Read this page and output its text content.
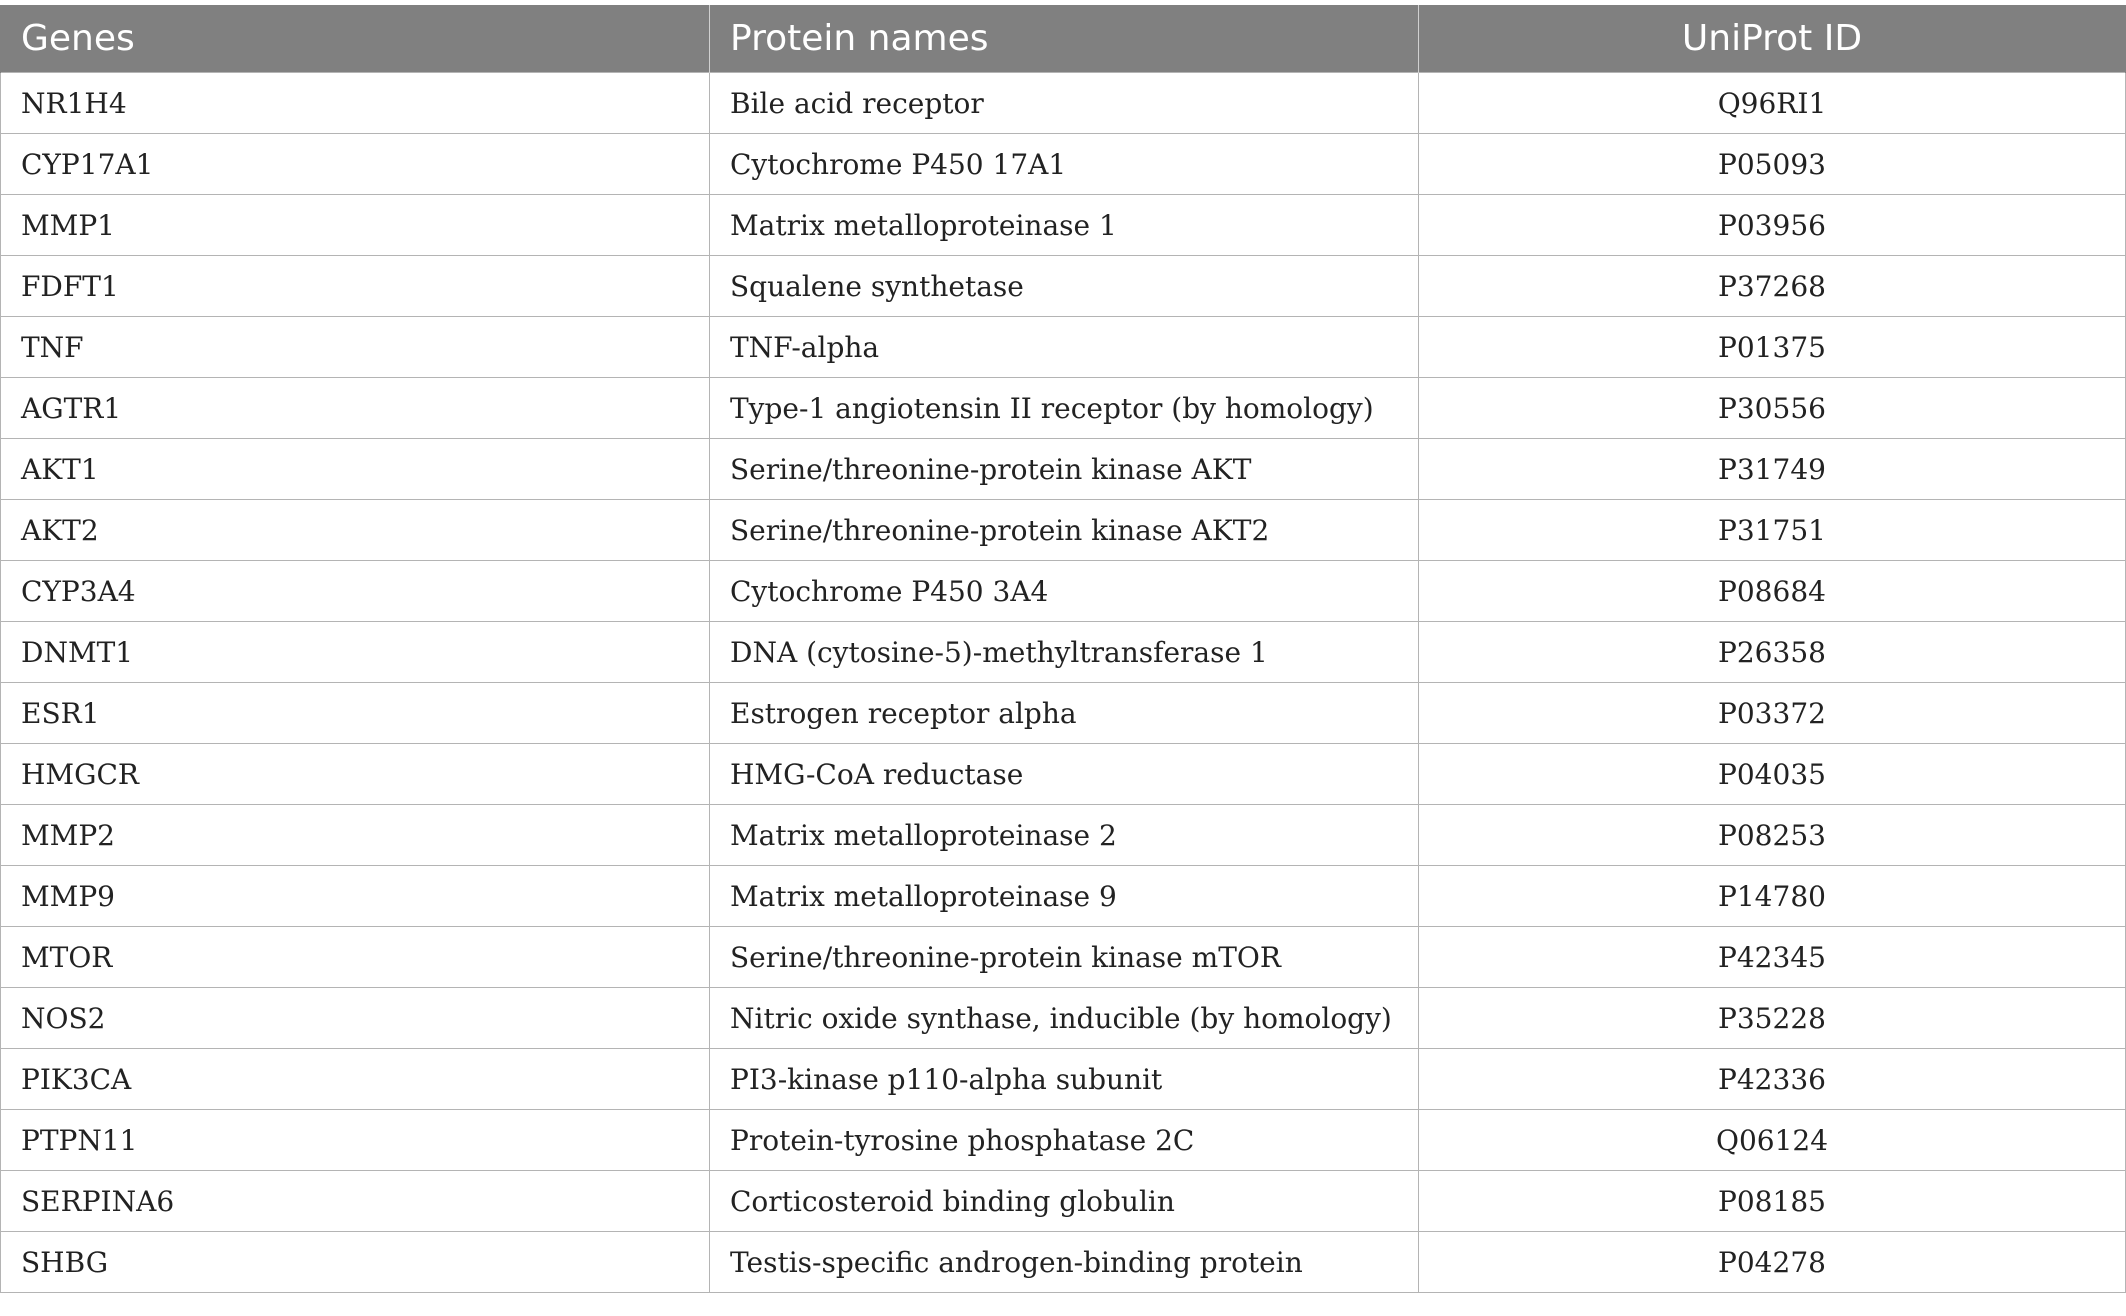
Genes	Protein names	UniProt ID
NR1H4	Bile acid receptor	Q96RI1
CYP17A1	Cytochrome P450 17A1	P05093
MMP1	Matrix metalloproteinase 1	P03956
FDFT1	Squalene synthetase	P37268
TNF	TNF-alpha	P01375
AGTR1	Type-1 angiotensin II receptor (by homology)	P30556
AKT1	Serine/threonine-protein kinase AKT	P31749
AKT2	Serine/threonine-protein kinase AKT2	P31751
CYP3A4	Cytochrome P450 3A4	P08684
DNMT1	DNA (cytosine-5)-methyltransferase 1	P26358
ESR1	Estrogen receptor alpha	P03372
HMGCR	HMG-CoA reductase	P04035
MMP2	Matrix metalloproteinase 2	P08253
MMP9	Matrix metalloproteinase 9	P14780
MTOR	Serine/threonine-protein kinase mTOR	P42345
NOS2	Nitric oxide synthase, inducible (by homology)	P35228
PIK3CA	PI3-kinase p110-alpha subunit	P42336
PTPN11	Protein-tyrosine phosphatase 2C	Q06124
SERPINA6	Corticosteroid binding globulin	P08185
SHBG	Testis-specific androgen-binding protein	P04278
